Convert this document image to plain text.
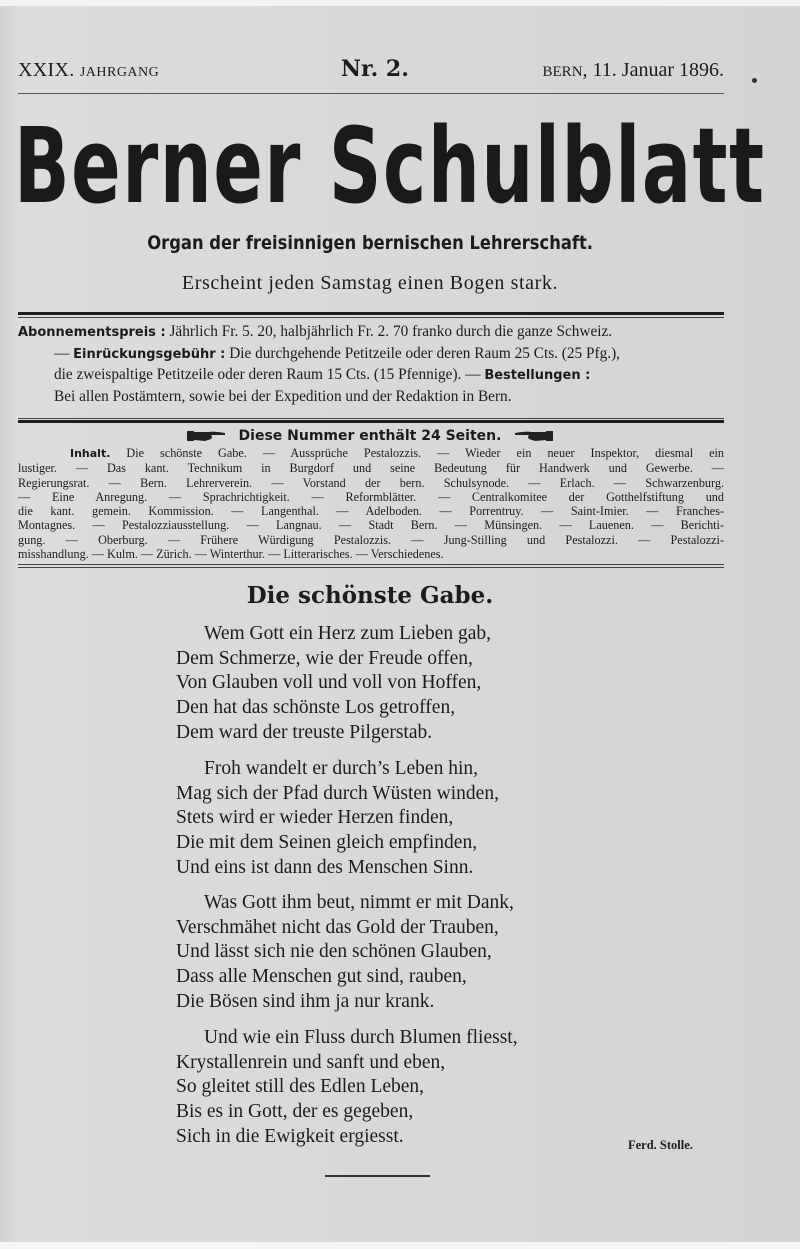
XXIX. JAHRGANG	Nr. 2.	BERN, 11. Januar 1896.
Berner Schulblatt
Organ der freisinnigen bernischen Lehrerschaft.
Erscheint jeden Samstag einen Bogen stark.
Abonnementspreis : Jährlich Fr. 5. 20, halbjährlich Fr. 2. 70 franko durch die ganze Schweiz.
— Einrückungsgebühr : Die durchgehende Petitzeile oder deren Raum 25 Cts. (25 Pfg.),
die zweispaltige Petitzeile oder deren Raum 15 Cts. (15 Pfennige). — Bestellungen :
Bei allen Postämtern, sowie bei der Expedition und der Redaktion in Bern.
Diese Nummer enthält 24 Seiten.
Inhalt. Die schönste Gabe. — Aussprüche Pestalozzis. — Wieder ein neuer Inspektor, diesmal ein
lustiger. — Das kant. Technikum in Burgdorf und seine Bedeutung für Handwerk und Gewerbe. —
Regierungsrat. — Bern. Lehrerverein. — Vorstand der bern. Schulsynode. — Erlach. — Schwarzenburg.
— Eine Anregung. — Sprachrichtigkeit. — Reformblätter. — Centralkomitee der Gotthelfstiftung und
die kant. gemein. Kommission. — Langenthal. — Adelboden. — Porrentruy. — Saint-Imier. — Franches-
Montagnes. — Pestalozziausstellung. — Langnau. — Stadt Bern. — Münsingen. — Lauenen. — Berichti-
gung. — Oberburg. — Frühere Würdigung Pestalozzis. — Jung-Stilling und Pestalozzi. — Pestalozzi-
misshandlung. — Kulm. — Zürich. — Winterthur. — Litterarisches. — Verschiedenes.
Die schönste Gabe.
Wem Gott ein Herz zum Lieben gab,
Dem Schmerze, wie der Freude offen,
Von Glauben voll und voll von Hoffen,
Den hat das schönste Los getroffen,
Dem ward der treuste Pilgerstab.
Froh wandelt er durch’s Leben hin,
Mag sich der Pfad durch Wüsten winden,
Stets wird er wieder Herzen finden,
Die mit dem Seinen gleich empfinden,
Und eins ist dann des Menschen Sinn.
Was Gott ihm beut, nimmt er mit Dank,
Verschmähet nicht das Gold der Trauben,
Und lässt sich nie den schönen Glauben,
Dass alle Menschen gut sind, rauben,
Die Bösen sind ihm ja nur krank.
Und wie ein Fluss durch Blumen fliesst,
Krystallenrein und sanft und eben,
So gleitet still des Edlen Leben,
Bis es in Gott, der es gegeben,
Sich in die Ewigkeit ergiesst.	Ferd. Stolle.
